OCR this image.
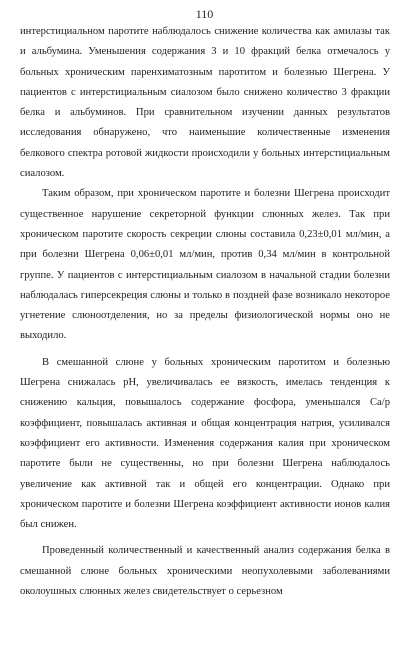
110

интерстициальном паротите наблюдалось снижение количества как амилазы так и альбумина. Уменьшения содержания 3 и 10 фракций белка отмечалось у больных хроническим паренхиматозным паротитом и болезнью Шегрена. У пациентов с интерстициальным сиалозом было снижено количество 3 фракции белка и альбуминов. При сравнительном изучении данных результатов исследования обнаружено, что наименьшие количественные изменения белкового спектра ротовой жидкости происходили у больных интерстициальным сиалозом.

Таким образом, при хроническом паротите и болезни Шегрена происходит существенное нарушение секреторной функции слюнных желез. Так при хроническом паротите скорость секреции слюны составила 0,23±0,01 мл/мин, а при болезни Шегрена 0,06±0,01 мл/мин, против 0,34 мл/мин в контрольной группе. У пациентов с интерстициальным сиалозом в начальной стадии болезни наблюдалась гиперсекреция слюны и только в поздней фазе возникало некоторое угнетение слюноотделения, но за пределы физиологической нормы оно не выходило.

В смешанной слюне у больных хроническим паротитом и болезнью Шегрена снижалась рН, увеличивалась ее вязкость, имелась тенденция к снижению кальция, повышалось содержание фосфора, уменьшался Са/р коэффициент, повышалась активная и общая концентрация натрия, усиливался коэффициент его активности. Изменения содержания калия при хроническом паротите были не существенны, но при болезни Шегрена наблюдалось увеличение как активной так и общей его концентрации. Однако при хроническом паротите и болезни Шегрена коэффициент активности ионов калия был снижен.

Проведенный количественный и качественный анализ содержания белка в смешанной слюне больных хроническими неопухолевыми заболеваниями околоушных слюнных желез свидетельствует о серьезном
